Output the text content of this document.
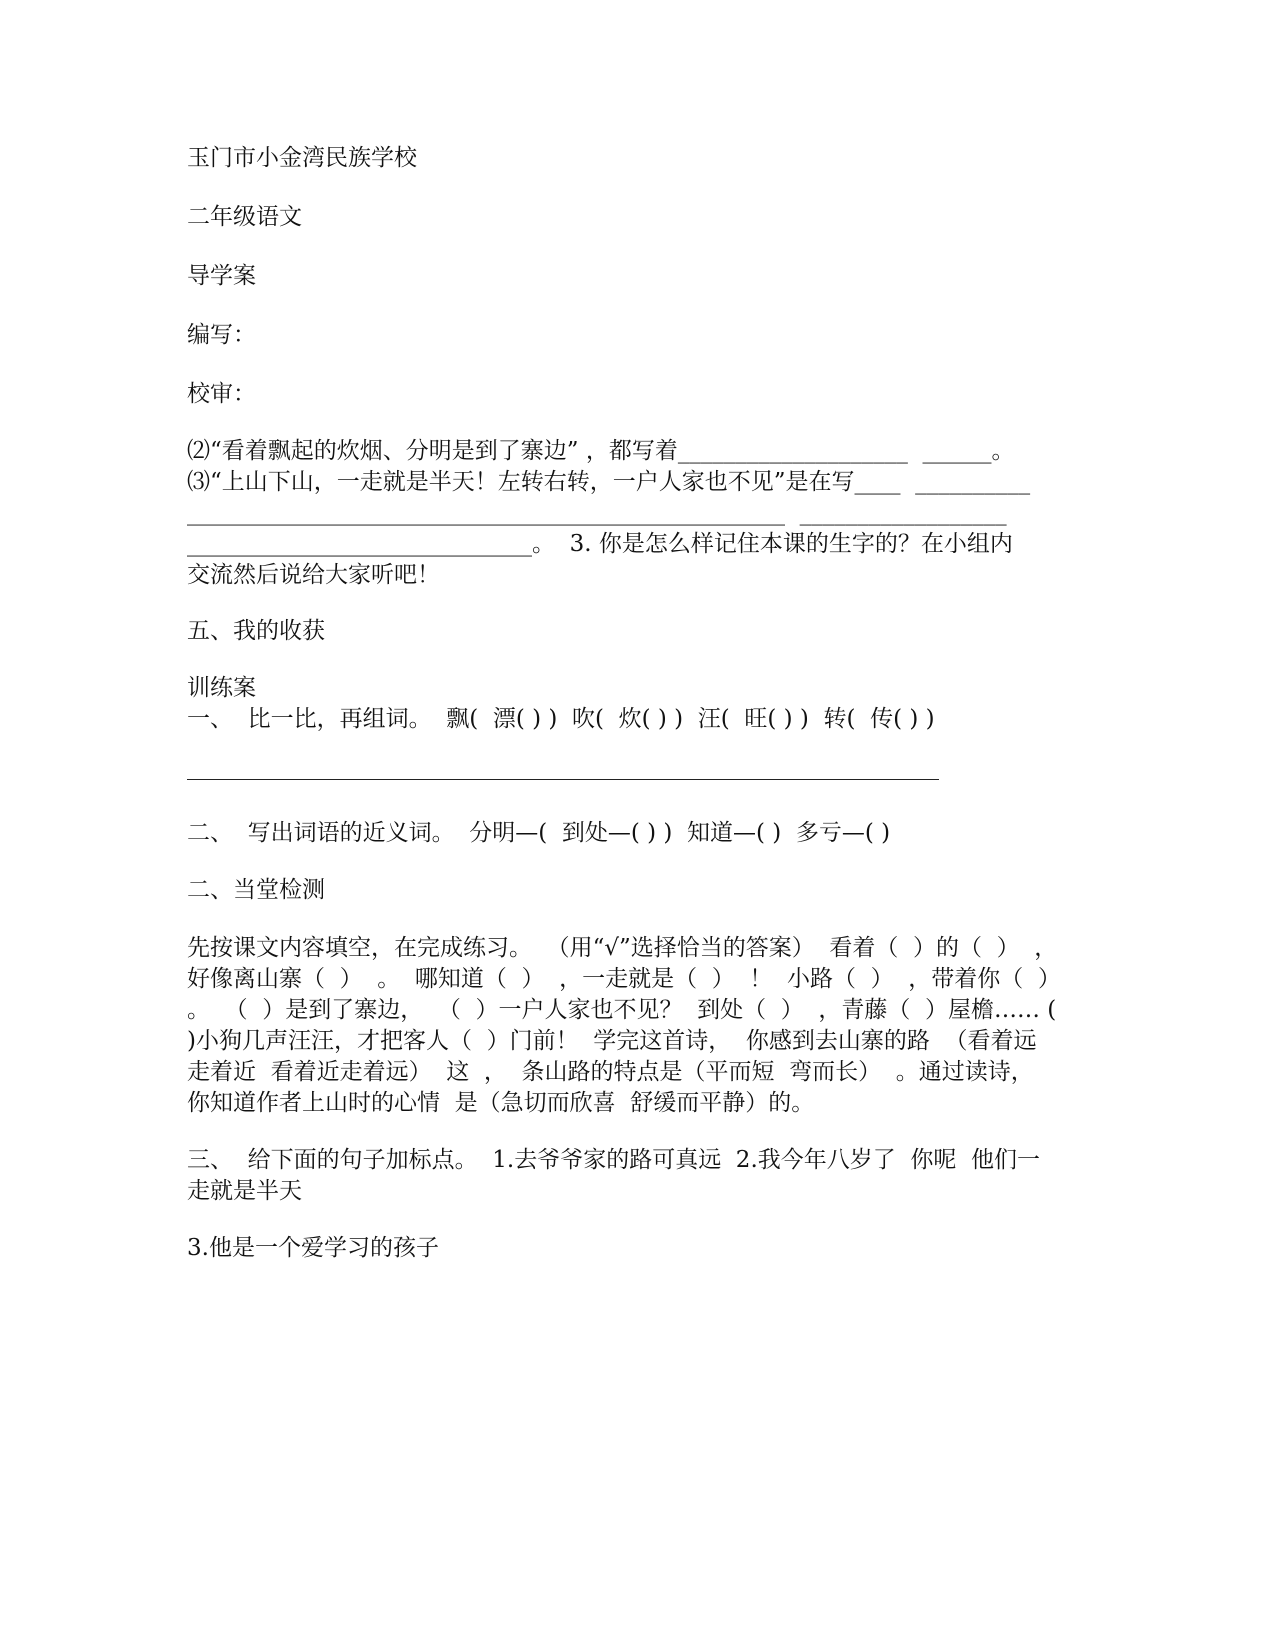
玉门市小金湾民族学校
二年级语文
导学案
编写：
校审：
⑵“看着飘起的炊烟、分明是到了寨边” ，都写着____________________  ______。
⑶“上山下山，一走就是半天！左转右转，一户人家也不见”是在写____  __________
____________________________________________________  __________________
______________________________。  3. 你是怎么样记住本课的生字的？在小组内
交流然后说给大家听吧！
五、我的收获
训练案
一、  比一比，再组词。  飘(  漂( ) )  吹(  炊( ) )  汪(  旺( ) )  转(  传( ) )
二、  写出词语的近义词。  分明—(  到处—( ) )  知道—( )  多亏—( )
二、当堂检测
先按课文内容填空，在完成练习。  （用“√”选择恰当的答案）  看着（  ）的（  ）  ，
好像离山寨（  ）  。  哪知道（  ）  ，一走就是（  ）  ！  小路（  ）  ，带着你（  ）
。  （  ）是到了寨边，  （  ）一户人家也不见？  到处（  ）  ，青藤（  ）屋檐…… (
)小狗几声汪汪，才把客人（  ）门前！  学完这首诗，  你感到去山寨的路  （看着远
走着近  看着近走着远）  这  ，  条山路的特点是（平而短  弯而长）  。通过读诗，
你知道作者上山时的心情  是（急切而欣喜  舒缓而平静）的。
三、  给下面的句子加标点。  1.去爷爷家的路可真远  2.我今年八岁了  你呢  他们一
走就是半天
3.他是一个爱学习的孩子
